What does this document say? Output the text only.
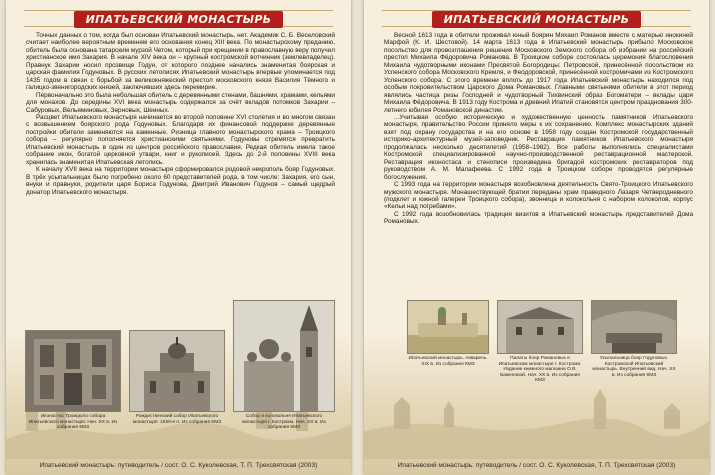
ИПАТЬЕВСКИЙ МОНАСТЫРЬ

Точных данных о том, когда был основан Ипатьевский монастырь, нет. Академик С. Б. Веселовский считает наиболее вероятным временем его основания конец XIII века. По монастырскому преданию, обитель была основана татарским мурзой Четом, который при крещении в православную веру получил христианское имя Захария. В начале XIV века он – крупный костромской вотчинник (землевладелец). Правнук Захарии носил прозвище Годун, от которого позднее начались знаменитая боярская и царская фамилия Годуновых. В русских летописях Ипатьевский монастырь впервые упоминается под 1435 годом в связи с борьбой за великокняжеский престол московского князя Василия Тёмного и галицко-звенигородских князей, заключивших здесь перемирие.

Первоначально это была небольшая обитель с деревянными стенами, башнями, храмами, кельями для монахов. До середины XVI века монастырь содержался за счёт вкладов потомков Захарии – Сабуровых, Вельяминовых, Зерновых, Шеиных.

Расцвет Ипатьевского монастыря начинается во второй половине XVI столетия и во многом связан с возвышением боярского рода Годуновых. Благодаря их финансовой поддержке деревянные постройки обители заменяются на каменные. Ризница главного монастырского храма – Троицкого собора – регулярно пополняется христианскими святынями. Годуновы стремятся превратить Ипатьевский монастырь в один из центров российского православия. Редкая обитель имела такое собрание икон, богатой церковной утвари, книг и рукописей. Здесь до 2-й половины XVIII века хранилась знаменитая Ипатьевская летопись.

К началу XVII века на территории монастыря сформировался родовой некрополь бояр Годуновых. В трёх усыпальницах было погребено около 60 представителей рода, в том числе: Захария, его сын, внуки и правнуки, родители царя Бориса Годунова, Дмитрий Иванович Годунов – самый щедрый донатор Ипатьевского монастыря.

Иконостас Троицкого собора Ипатьевского монастыря. Нач. XX в. Из собрания КМЗ
Рождественский собор Ипатьевского монастыря. 1920-е гг. Из собрания КМЗ
Собор и колокольня Ипатьевского монастыря г. Кострома. Нач. XX в. Из собрания КМЗ
Ипатьевский монастырь: путеводитель / сост. О. С. Куколевская, Т. П. Трехсвятская (2003)
ИПАТЬЕВСКИЙ МОНАСТЫРЬ

Весной 1613 года в обители проживал юный боярин Михаил Романов вместе с матерью инокиней Марфой (К. И. Шестовой). 14 марта 1613 года в Ипатьевский монастырь прибыло Московское посольство для провозглашения решения Московского Земского собора об избрании на российский престол Михаила Фёдоровича Романова. В Троицком соборе состоялась церемония благословения Михаила чудотворными иконами Пресвятой Богородицы: Петровской, принесённой посольством из Успенского собора Московского Кремля, и Феодоровской, принесённой костромичами из Костромского Успенского собора. С этого времени вплоть до 1917 года Ипатьевский монастырь находился под особым покровительством Царского Дома Романовых. Главными святынями обители в этот период являлись частица ризы Господней и чудотворный Тихвинский образ Богоматери – вклады царя Михаила Фёдоровича. В 1913 году Кострома и древний Ипатий становятся центром празднования 300-летнего юбилея Романовской династии.

...Учитывая особую историческую и художественную ценность памятников Ипатьевского монастыря, правительство России приняло меры к их сохранению. Комплекс монастырских зданий взят под охрану государства и на его основе в 1958 году создан Костромской государственный историко-архитектурный музей-заповедник. Реставрация памятников Ипатьевского монастыря продолжалась несколько десятилетий (1958–1982). Все работы выполнялись специалистами Костромской специализированной научно-производственной реставрационной мастерской. Реставрация иконостаса и стенописи произведена бригадой костромских реставраторов под руководством А. М. Малафеева. С 1992 года в Троицком соборе проводятся регулярные богослужения.

С 1993 года на территории монастыря возобновлена деятельность Свято-Троицкого Ипатьевского мужского монастыря. Монашествующей братии переданы храм праведного Лазаря Четверодневного (подклет и южной галереи Троицкого собора), звонница и колокольня с набором колоколов, корпус «Кельи над погребами».

С 1992 года возобновилась традиция визитов в Ипатьевский монастырь представителей Дома Романовых.

Ипатьевский монастырь. Акварель. XIX в. Из собрания КМЗ
Палаты бояр Романовых в Ипатьевском монастыре г. Кострома. Издание книжного магазина О.В. Баженовой. Нач. XX в. Из собрания КМЗ
Усыпальница бояр Годуновых. Костромской Ипатьевский монастырь. Внутренний вид. Нач. XX в. Из собрания КМЗ
Ипатьевский монастырь: путеводитель / сост. О. С. Куколевская, Т. П. Трехсвятская (2003)
